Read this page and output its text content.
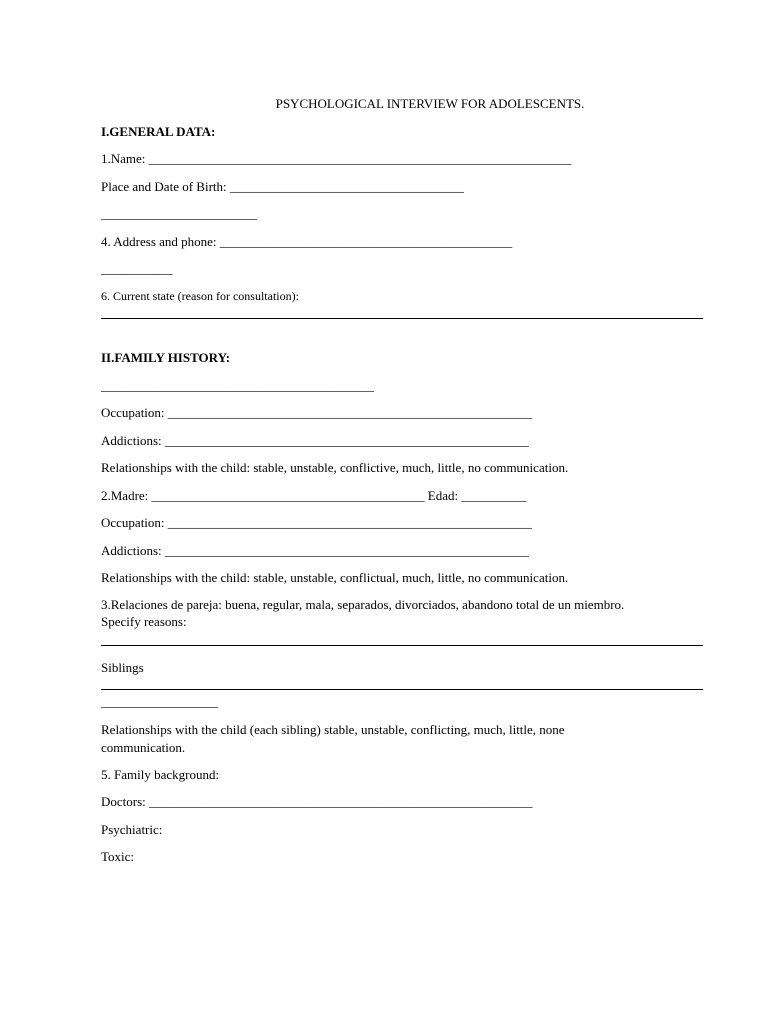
PSYCHOLOGICAL INTERVIEW FOR ADOLESCENTS.
I.GENERAL DATA:
1.Name: _________________________________________________________________
Place and Date of Birth: ____________________________________
________________________
4. Address and phone: _____________________________________________
___________
6. Current state (reason for consultation):
II.FAMILY HISTORY:
__________________________________________
Occupation: ________________________________________________________
Addictions: ________________________________________________________
Relationships with the child: stable, unstable, conflictive, much, little, no communication.
2.Madre: __________________________________________ Edad: __________
Occupation: ________________________________________________________
Addictions: ________________________________________________________
Relationships with the child: stable, unstable, conflictual, much, little, no communication.
3.Relaciones de pareja: buena, regular, mala, separados, divorciados, abandono total de un miembro.
Specify reasons:
Siblings
__________________
Relationships with the child (each sibling) stable, unstable, conflicting, much, little, none
communication.
5. Family background:
Doctors: ___________________________________________________________
Psychiatric:
Toxic:
